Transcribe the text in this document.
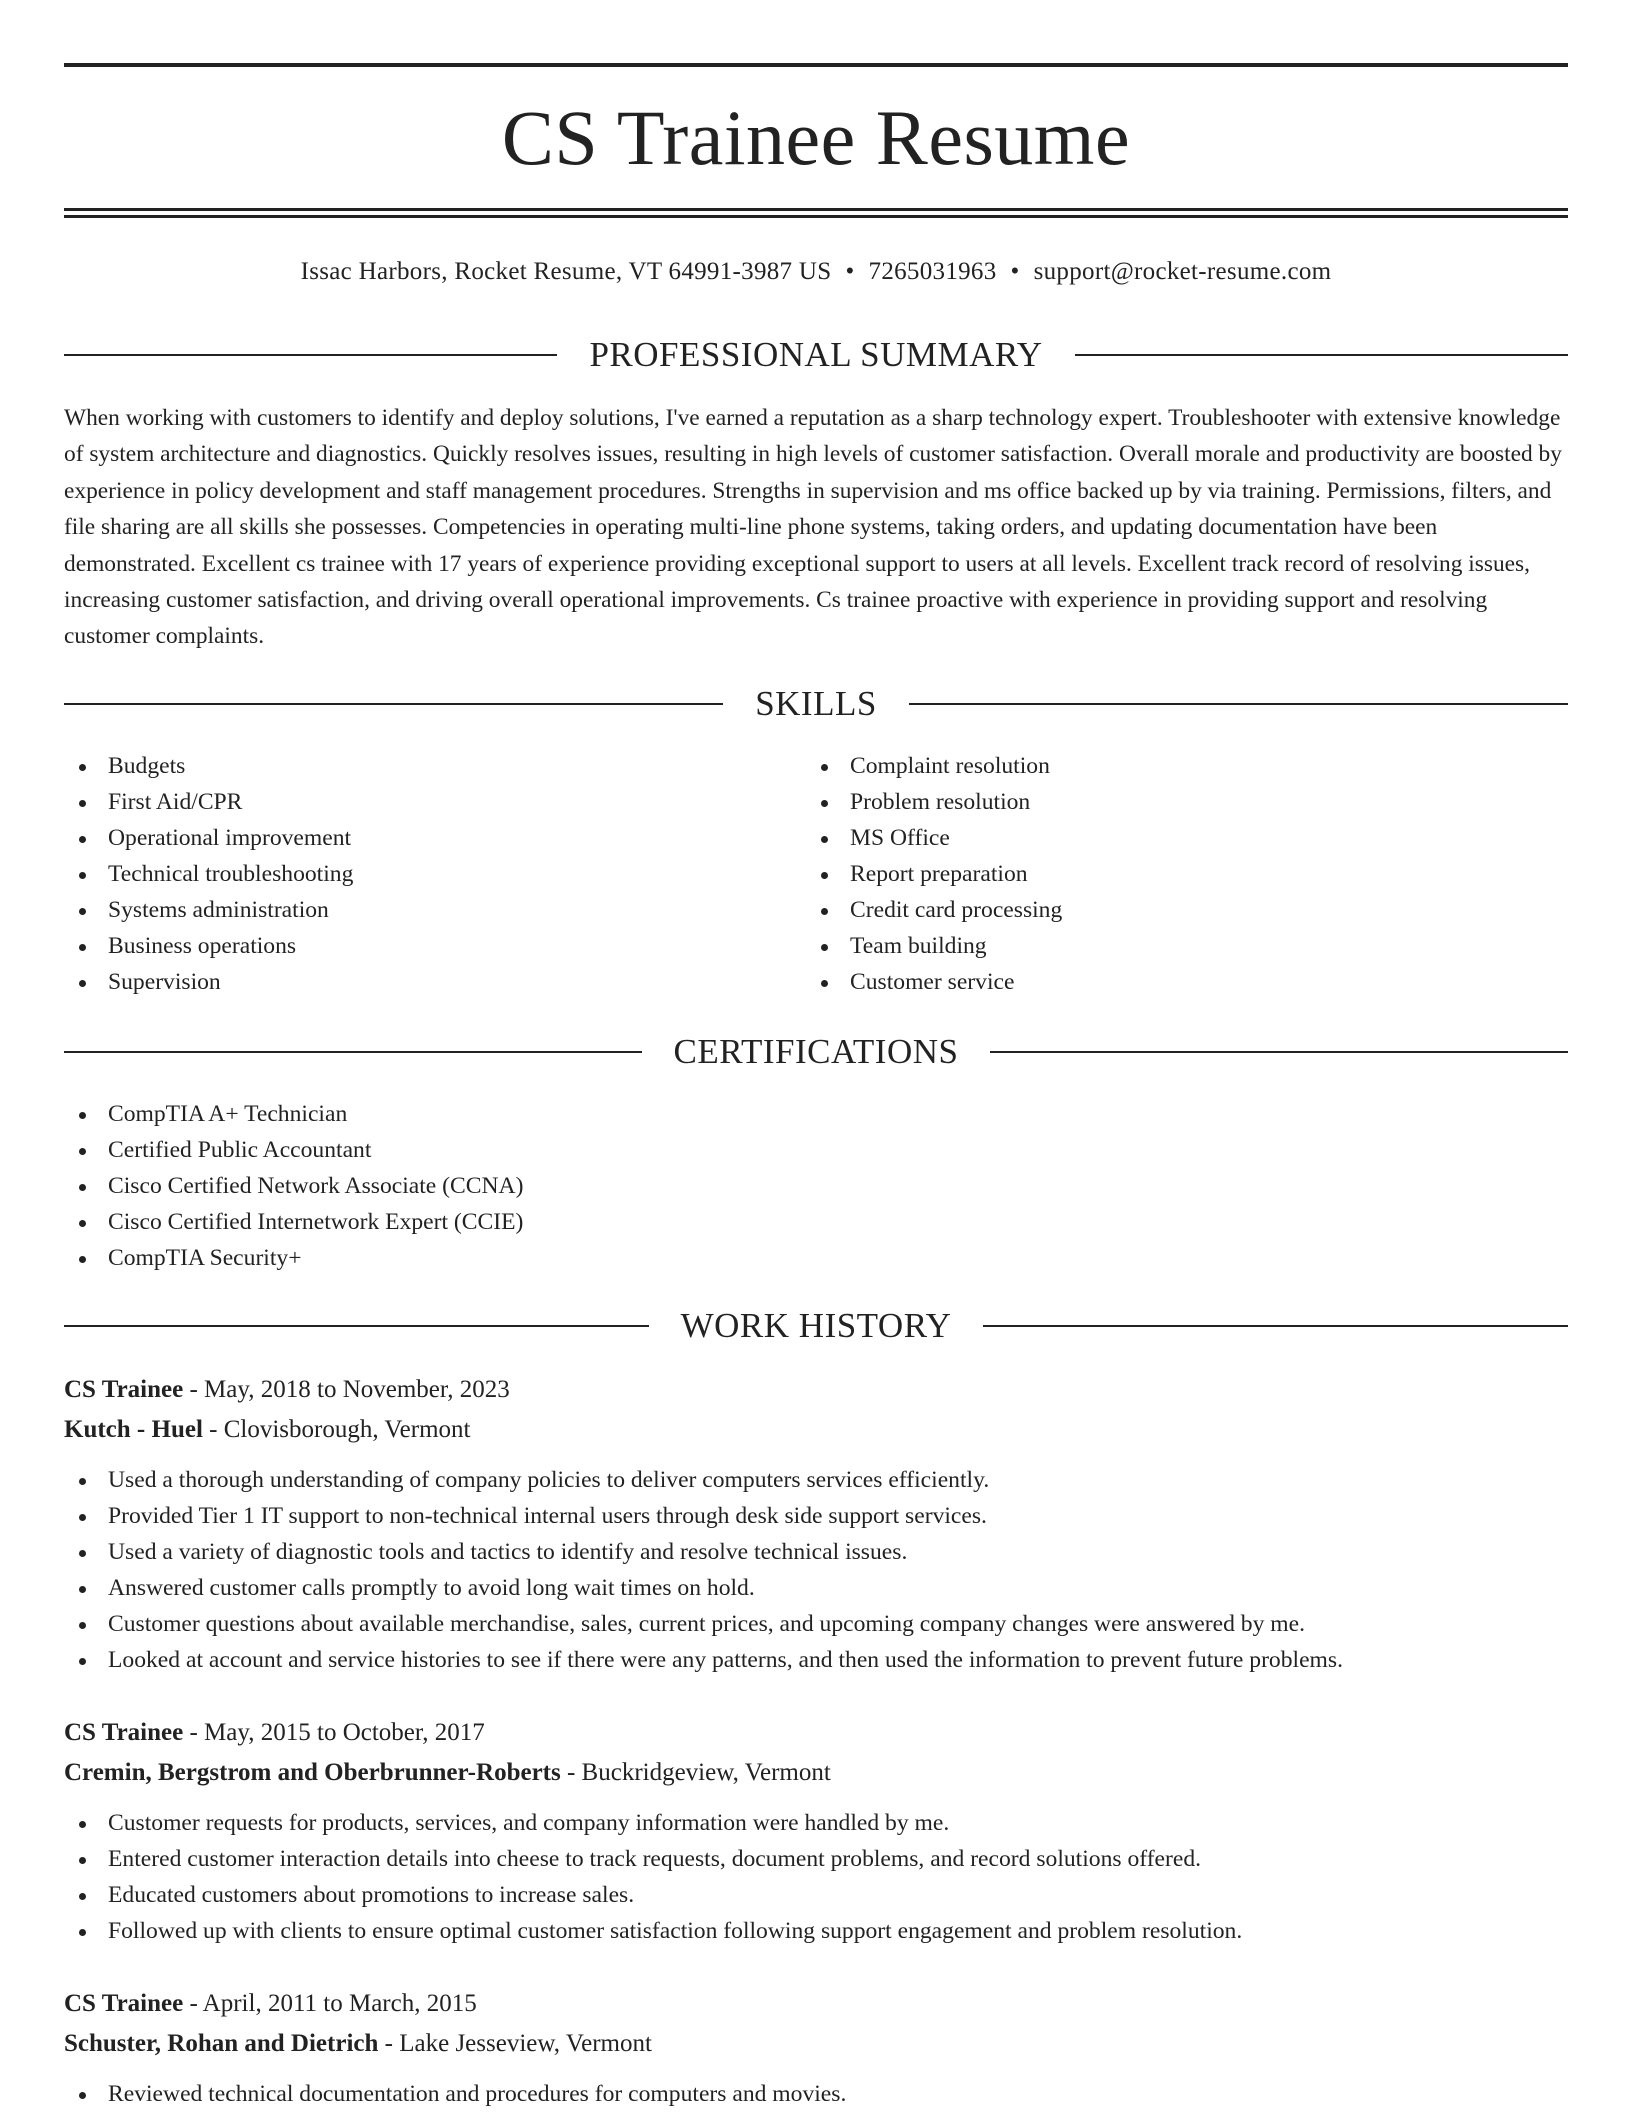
CS Trainee Resume
Issac Harbors, Rocket Resume, VT 64991-3987 US • 7265031963 • support@rocket-resume.com
PROFESSIONAL SUMMARY

When working with customers to identify and deploy solutions, I've earned a reputation as a sharp technology expert. Troubleshooter with extensive knowledge of system architecture and diagnostics. Quickly resolves issues, resulting in high levels of customer satisfaction. Overall morale and productivity are boosted by experience in policy development and staff management procedures. Strengths in supervision and ms office backed up by via training. Permissions, filters, and file sharing are all skills she possesses. Competencies in operating multi-line phone systems, taking orders, and updating documentation have been demonstrated. Excellent cs trainee with 17 years of experience providing exceptional support to users at all levels. Excellent track record of resolving issues, increasing customer satisfaction, and driving overall operational improvements. Cs trainee proactive with experience in providing support and resolving customer complaints.

SKILLS
Budgets
First Aid/CPR
Operational improvement
Technical troubleshooting
Systems administration
Business operations
Supervision
Complaint resolution
Problem resolution
MS Office
Report preparation
Credit card processing
Team building
Customer service
CERTIFICATIONS
CompTIA A+ Technician
Certified Public Accountant
Cisco Certified Network Associate (CCNA)
Cisco Certified Internetwork Expert (CCIE)
CompTIA Security+
WORK HISTORY
CS Trainee - May, 2018 to November, 2023
Kutch - Huel - Clovisborough, Vermont
Used a thorough understanding of company policies to deliver computers services efficiently.
Provided Tier 1 IT support to non-technical internal users through desk side support services.
Used a variety of diagnostic tools and tactics to identify and resolve technical issues.
Answered customer calls promptly to avoid long wait times on hold.
Customer questions about available merchandise, sales, current prices, and upcoming company changes were answered by me.
Looked at account and service histories to see if there were any patterns, and then used the information to prevent future problems.
CS Trainee - May, 2015 to October, 2017
Cremin, Bergstrom and Oberbrunner-Roberts - Buckridgeview, Vermont
Customer requests for products, services, and company information were handled by me.
Entered customer interaction details into cheese to track requests, document problems, and record solutions offered.
Educated customers about promotions to increase sales.
Followed up with clients to ensure optimal customer satisfaction following support engagement and problem resolution.
CS Trainee - April, 2011 to March, 2015
Schuster, Rohan and Dietrich - Lake Jesseview, Vermont
Reviewed technical documentation and procedures for computers and movies.
